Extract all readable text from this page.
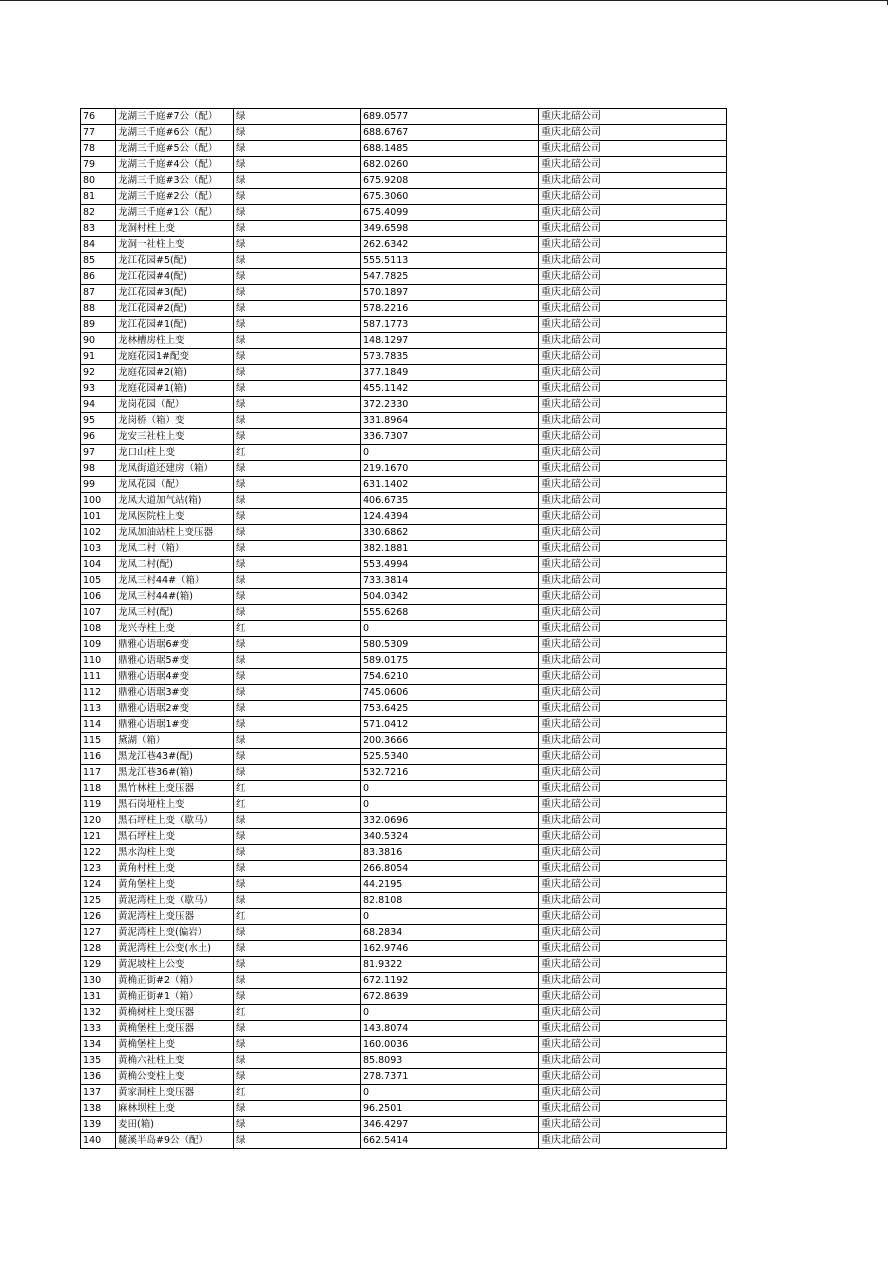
76	龙湖三千庭#7公（配）	绿	689.0577	重庆北碚公司
77	龙湖三千庭#6公（配）	绿	688.6767	重庆北碚公司
78	龙湖三千庭#5公（配）	绿	688.1485	重庆北碚公司
79	龙湖三千庭#4公（配）	绿	682.0260	重庆北碚公司
80	龙湖三千庭#3公（配）	绿	675.9208	重庆北碚公司
81	龙湖三千庭#2公（配）	绿	675.3060	重庆北碚公司
82	龙湖三千庭#1公（配）	绿	675.4099	重庆北碚公司
83	龙洞村柱上变	绿	349.6598	重庆北碚公司
84	龙洞一社柱上变	绿	262.6342	重庆北碚公司
85	龙江花园#5(配)	绿	555.5113	重庆北碚公司
86	龙江花园#4(配)	绿	547.7825	重庆北碚公司
87	龙江花园#3(配)	绿	570.1897	重庆北碚公司
88	龙江花园#2(配)	绿	578.2216	重庆北碚公司
89	龙江花园#1(配)	绿	587.1773	重庆北碚公司
90	龙林槽房柱上变	绿	148.1297	重庆北碚公司
91	龙庭花园1#配变	绿	573.7835	重庆北碚公司
92	龙庭花园#2(箱)	绿	377.1849	重庆北碚公司
93	龙庭花园#1(箱)	绿	455.1142	重庆北碚公司
94	龙岗花园（配）	绿	372.2330	重庆北碚公司
95	龙岗桥（箱）变	绿	331.8964	重庆北碚公司
96	龙安三社柱上变	绿	336.7307	重庆北碚公司
97	龙口山柱上变	红	0	重庆北碚公司
98	龙凤街道还建房（箱）	绿	219.1670	重庆北碚公司
99	龙凤花园（配）	绿	631.1402	重庆北碚公司
100	龙凤大道加气站(箱)	绿	406.6735	重庆北碚公司
101	龙凤医院柱上变	绿	124.4394	重庆北碚公司
102	龙凤加油站柱上变压器	绿	330.6862	重庆北碚公司
103	龙凤二村（箱）	绿	382.1881	重庆北碚公司
104	龙凤二村(配)	绿	553.4994	重庆北碚公司
105	龙凤三村44#（箱）	绿	733.3814	重庆北碚公司
106	龙凤三村44#(箱)	绿	504.0342	重庆北碚公司
107	龙凤三村(配)	绿	555.6268	重庆北碚公司
108	龙兴寺柱上变	红	0	重庆北碚公司
109	鼎雅心语琚6#变	绿	580.5309	重庆北碚公司
110	鼎雅心语琚5#变	绿	589.0175	重庆北碚公司
111	鼎雅心语琚4#变	绿	754.6210	重庆北碚公司
112	鼎雅心语琚3#变	绿	745.0606	重庆北碚公司
113	鼎雅心语琚2#变	绿	753.6425	重庆北碚公司
114	鼎雅心语琚1#变	绿	571.0412	重庆北碚公司
115	黛湖（箱）	绿	200.3666	重庆北碚公司
116	黑龙江巷43#(配)	绿	525.5340	重庆北碚公司
117	黑龙江巷36#(箱)	绿	532.7216	重庆北碚公司
118	黑竹林柱上变压器	红	0	重庆北碚公司
119	黑石岗垭柱上变	红	0	重庆北碚公司
120	黑石坪柱上变（歇马）	绿	332.0696	重庆北碚公司
121	黑石坪柱上变	绿	340.5324	重庆北碚公司
122	黑水沟柱上变	绿	83.3816	重庆北碚公司
123	黄角村柱上变	绿	266.8054	重庆北碚公司
124	黄角堡柱上变	绿	44.2195	重庆北碚公司
125	黄泥湾柱上变（歇马）	绿	82.8108	重庆北碚公司
126	黄泥湾柱上变压器	红	0	重庆北碚公司
127	黄泥湾柱上变(偏岩）	绿	68.2834	重庆北碚公司
128	黄泥湾柱上公变(水土)	绿	162.9746	重庆北碚公司
129	黄泥坡柱上公变	绿	81.9322	重庆北碚公司
130	黄桷正街#2（箱）	绿	672.1192	重庆北碚公司
131	黄桷正街#1（箱）	绿	672.8639	重庆北碚公司
132	黄桷树柱上变压器	红	0	重庆北碚公司
133	黄桷堡柱上变压器	绿	143.8074	重庆北碚公司
134	黄桷堡柱上变	绿	160.0036	重庆北碚公司
135	黄桷六社柱上变	绿	85.8093	重庆北碚公司
136	黄桷公变柱上变	绿	278.7371	重庆北碚公司
137	黄家洞柱上变压器	红	0	重庆北碚公司
138	麻林坝柱上变	绿	96.2501	重庆北碚公司
139	麦田(箱)	绿	346.4297	重庆北碚公司
140	麓溪半岛#9公（配）	绿	662.5414	重庆北碚公司
